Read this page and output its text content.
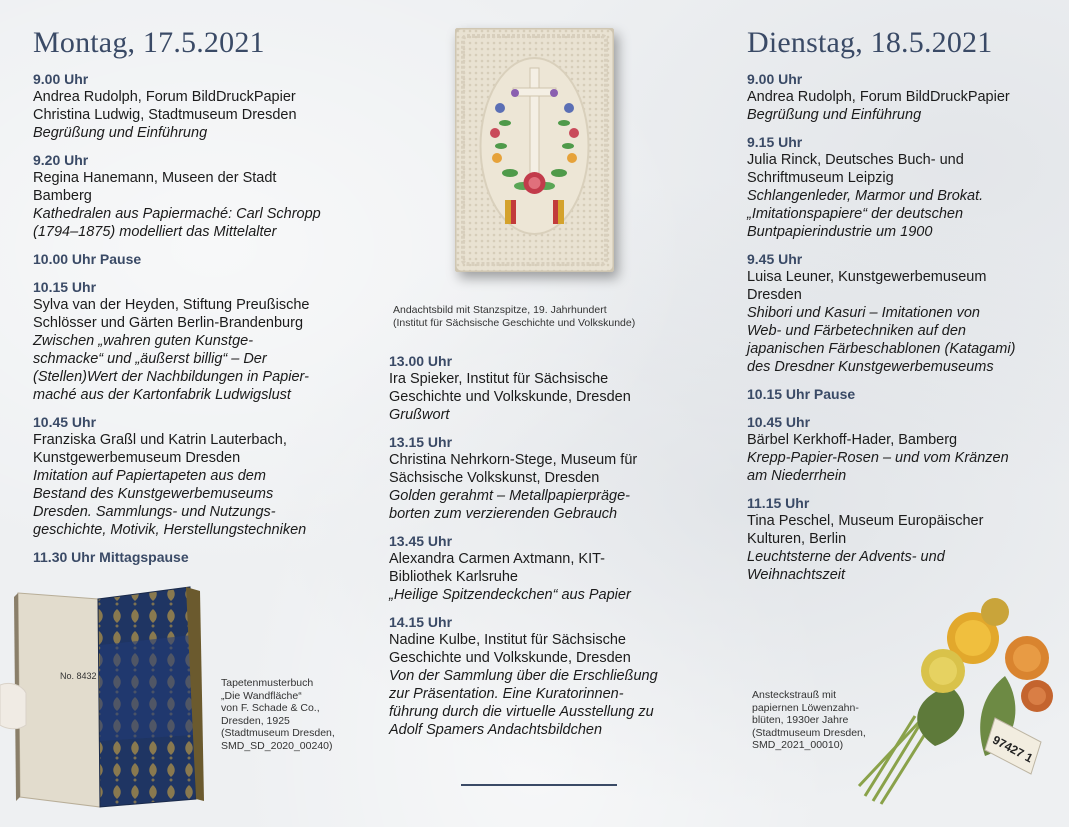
Montag, 17.5.2021
9.00 Uhr
Andrea Rudolph, Forum BildDruckPapier
Christina Ludwig, Stadtmuseum Dresden
Begrüßung und Einführung
9.20 Uhr
Regina Hanemann, Museen der Stadt
Bamberg
Kathedralen aus Papiermaché: Carl Schropp
(1794–1875) modelliert das Mittelalter
10.00 Uhr Pause
10.15 Uhr
Sylva van der Heyden, Stiftung Preußische
Schlösser und Gärten Berlin-Brandenburg
Zwischen „wahren guten Kunstge-
schmacke“ und „äußerst billig“ – Der
(Stellen)Wert der Nachbildungen in Papier-
maché aus der Kartonfabrik Ludwigslust
10.45 Uhr
Franziska Graßl und Katrin Lauterbach,
Kunstgewerbemuseum Dresden
Imitation auf Papiertapeten aus dem
Bestand des Kunstgewerbemuseums
Dresden. Sammlungs- und Nutzungs-
geschichte, Motivik, Herstellungstechniken
11.30 Uhr Mittagspause
13.00 Uhr
Ira Spieker, Institut für Sächsische
Geschichte und Volkskunde, Dresden
Grußwort
13.15 Uhr
Christina Nehrkorn-Stege, Museum für
Sächsische Volkskunst, Dresden
Golden gerahmt – Metallpapierpräge-
borten zum verzierenden Gebrauch
13.45 Uhr
Alexandra Carmen Axtmann, KIT-
Bibliothek Karlsruhe
„Heilige Spitzendeckchen“ aus Papier
14.15 Uhr
Nadine Kulbe, Institut für Sächsische
Geschichte und Volkskunde, Dresden
Von der Sammlung über die Erschließung
zur Präsentation. Eine Kuratorinnen-
führung durch die virtuelle Ausstellung zu
Adolf Spamers Andachtsbildchen
Dienstag, 18.5.2021
9.00 Uhr
Andrea Rudolph, Forum BildDruckPapier
Begrüßung und Einführung
9.15 Uhr
Julia Rinck, Deutsches Buch- und
Schriftmuseum Leipzig
Schlangenleder, Marmor und Brokat.
„Imitationspapiere“ der deutschen
Buntpapierindustrie um 1900
9.45 Uhr
Luisa Leuner, Kunstgewerbemuseum
Dresden
Shibori und Kasuri – Imitationen von
Web- und Färbetechniken auf den
japanischen Färbeschablonen (Katagami)
des Dresdner Kunstgewerbemuseums
10.15 Uhr Pause
10.45 Uhr
Bärbel Kerkhoff-Hader, Bamberg
Krepp-Papier-Rosen – und vom Kränzen
am Niederrhein
11.15 Uhr
Tina Peschel, Museum Europäischer
Kulturen, Berlin
Leuchtsterne der Advents- und
Weihnachtszeit
Andachtsbild mit Stanzspitze, 19. Jahrhundert
(Institut für Sächsische Geschichte und Volkskunde)
No. 8432
Tapetenmusterbuch
„Die Wandfläche“
von F. Schade & Co.,
Dresden, 1925
(Stadtmuseum Dresden,
SMD_SD_2020_00240)	97427 1
Ansteckstrauß mit
papiernen Löwenzahn-
blüten, 1930er Jahre
(Stadtmuseum Dresden,
SMD_2021_00010)
